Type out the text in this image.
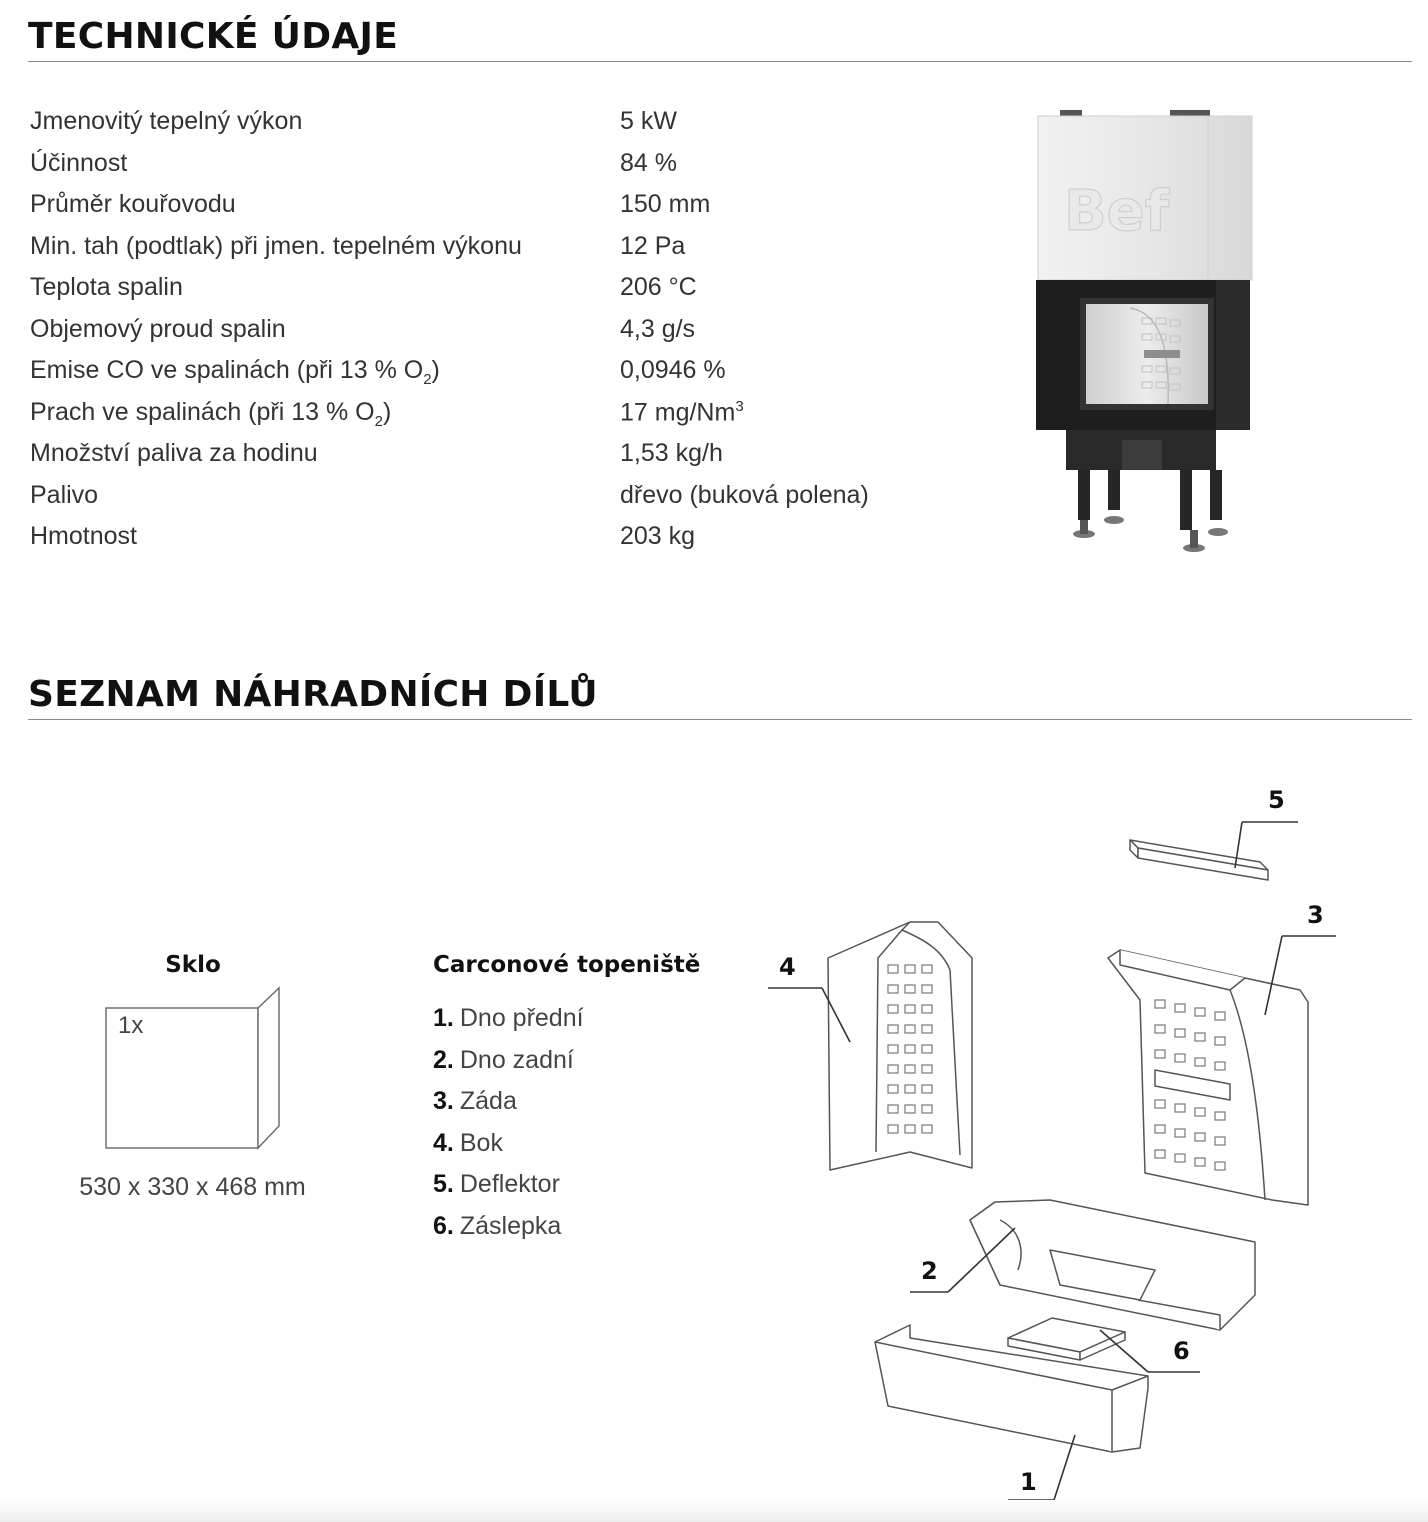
TECHNICKÉ ÚDAJE
Jmenovitý tepelný výkon	5 kW
Účinnost	84 %
Průměr kouřovodu	150 mm
Min. tah (podtlak) při jmen. tepelném výkonu	12 Pa
Teplota spalin	206 °C
Objemový proud spalin	4,3 g/s
Emise CO ve spalinách (při 13 % $O_2$)	0,0946 %
Prach ve spalinách (při 13 % $O_2$)	17 mg/Nm$^3$
Množství paliva za hodinu	1,53 kg/h
Palivo	dřevo (buková polena)
Hmotnost	203 kg
Bef
SEZNAM NÁHRADNÍCH DÍLŮ
Sklo
1x
530 x 330 x 468 mm
Carconové topeniště
1. Dno přední
2. Dno zadní
3. Záda
4. Bok
5. Deflektor
6. Záslepka
5
3
4
2
6
1
